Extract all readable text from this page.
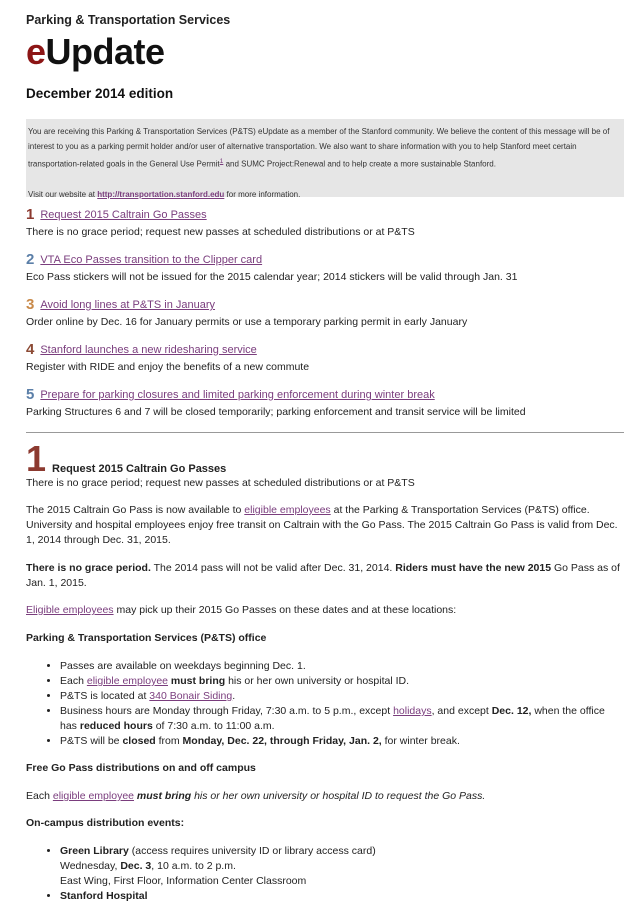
Parking & Transportation Services
eUpdate
December 2014 edition

You are receiving this Parking & Transportation Services (P&TS) eUpdate as a member of the Stanford community. We believe the content of this message will be of interest to you as a parking permit holder and/or user of alternative transportation. We also want to share information with you to help Stanford meet certain transportation-related goals in the General Use Permit$^1$ and SUMC Project:Renewal and to help create a more sustainable Stanford.

Visit our website at http://transportation.stanford.edu for more information.

1 Request 2015 Caltrain Go Passes
There is no grace period; request new passes at scheduled distributions or at P&TS
2 VTA Eco Passes transition to the Clipper card
Eco Pass stickers will not be issued for the 2015 calendar year; 2014 stickers will be valid through Jan. 31
3 Avoid long lines at P&TS in January
Order online by Dec. 16 for January permits or use a temporary parking permit in early January
4 Stanford launches a new ridesharing service
Register with RIDE and enjoy the benefits of a new commute
5 Prepare for parking closures and limited parking enforcement during winter break
Parking Structures 6 and 7 will be closed temporarily; parking enforcement and transit service will be limited
1 Request 2015 Caltrain Go Passes

There is no grace period; request new passes at scheduled distributions or at P&TS

The 2015 Caltrain Go Pass is now available to eligible employees at the Parking & Transportation Services (P&TS) office. University and hospital employees enjoy free transit on Caltrain with the Go Pass. The 2015 Caltrain Go Pass is valid from Dec. 1, 2014 through Dec. 31, 2015.

There is no grace period. The 2014 pass will not be valid after Dec. 31, 2014. Riders must have the new 2015 Go Pass as of Jan. 1, 2015.

Eligible employees may pick up their 2015 Go Passes on these dates and at these locations:

Parking & Transportation Services (P&TS) office
• Passes are available on weekdays beginning Dec. 1.
• Each eligible employee must bring his or her own university or hospital ID.
• P&TS is located at 340 Bonair Siding.
• Business hours are Monday through Friday, 7:30 a.m. to 5 p.m., except holidays, and except Dec. 12, when the office has reduced hours of 7:30 a.m. to 11:00 a.m.
• P&TS will be closed from Monday, Dec. 22, through Friday, Jan. 2, for winter break.
Free Go Pass distributions on and off campus

Each eligible employee must bring his or her own university or hospital ID to request the Go Pass.

On-campus distribution events:
• Green Library (access requires university ID or library access card)
Wednesday, Dec. 3, 10 a.m. to 2 p.m.
East Wing, First Floor, Information Center Classroom
• Stanford Hospital
